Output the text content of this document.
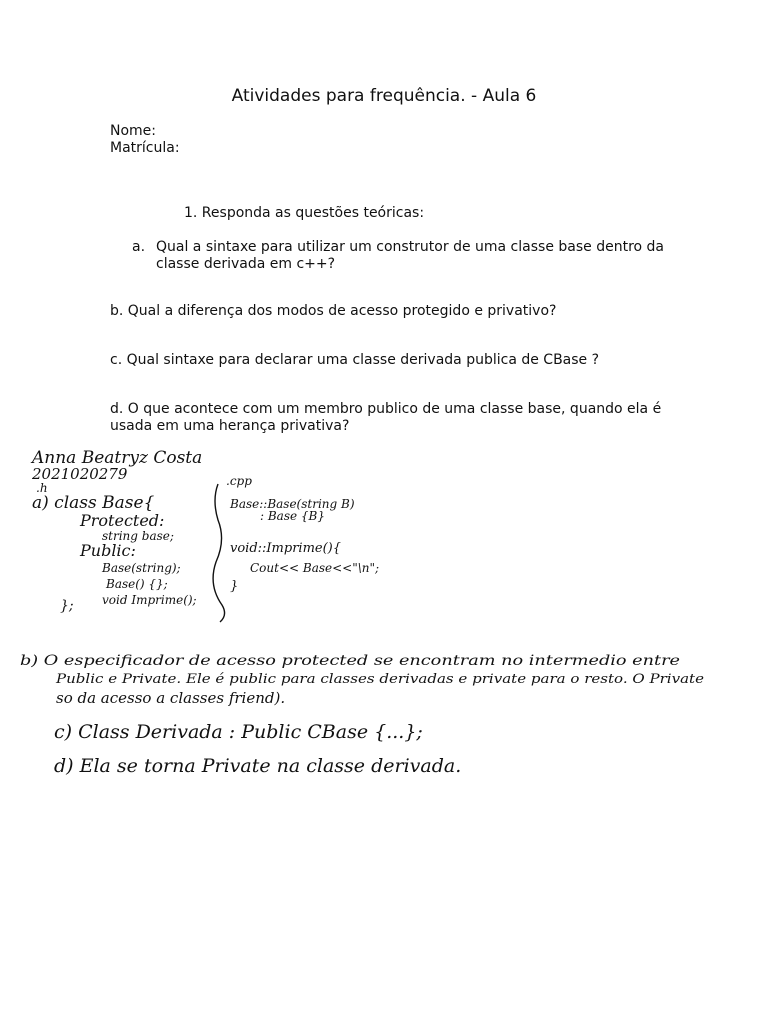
Atividades para frequência. - Aula 6
Nome:
Matrícula:
1. Responda as questões teóricas:
a. Qual a sintaxe para utilizar um construtor de uma classe base dentro da classe derivada em c++?
b. Qual a diferença dos modos de acesso protegido e privativo?
c. Qual sintaxe para declarar uma classe derivada publica de CBase ?
d. O que acontece com um membro publico de uma classe base, quando ela é usada em uma herança privativa?
Anna Beatryz Costa
2021020279
.h
a) class Base{
Protected:
string base;
Public:
Base(string);
Base() {};
void Imprime();
};
.cpp
Base::Base(string B)
: Base {B}
void::Imprime(){
Cout<< Base<<"\n";
}
b) O especificador de acesso protected se encontram no intermedio entre
Public e Private. Ele é public para classes derivadas e private para o resto. O Private
so da acesso a classes friend).
c) Class Derivada : Public CBase {...};
d) Ela se torna Private na classe derivada.
